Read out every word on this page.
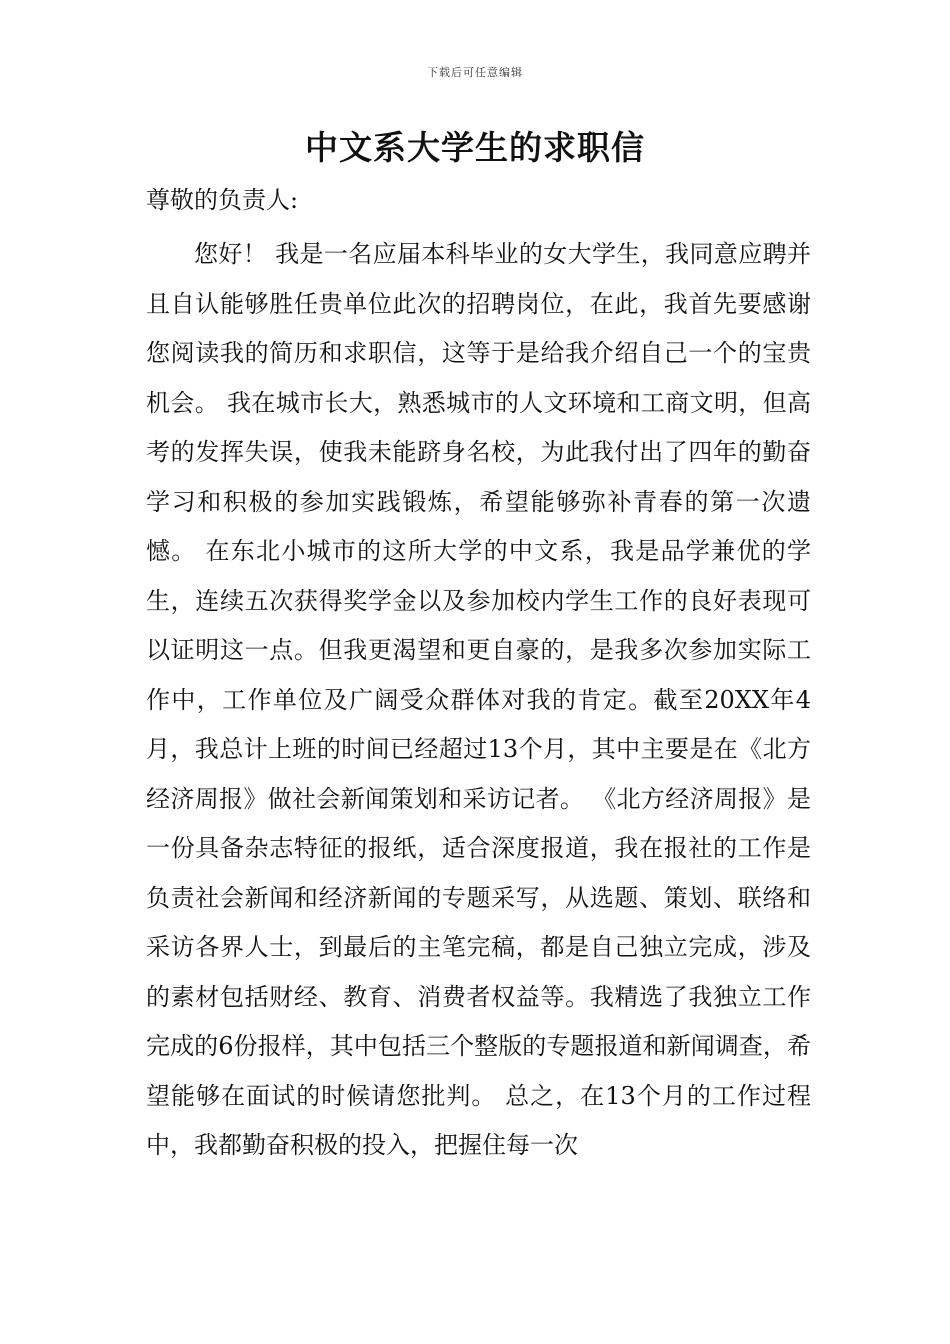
下载后可任意编辑
中文系大学生的求职信

尊敬的负责人:

您好！ 我是一名应届本科毕业的女大学生，我同意应聘并且自认能够胜任贵单位此次的招聘岗位，在此，我首先要感谢您阅读我的简历和求职信，这等于是给我介绍自己一个的宝贵机会。 我在城市长大，熟悉城市的人文环境和工商文明，但高考的发挥失误，使我未能跻身名校，为此我付出了四年的勤奋学习和积极的参加实践锻炼，希望能够弥补青春的第一次遗憾。 在东北小城市的这所大学的中文系，我是品学兼优的学生，连续五次获得奖学金以及参加校内学生工作的良好表现可以证明这一点。但我更渴望和更自豪的，是我多次参加实际工作中，工作单位及广阔受众群体对我的肯定。截至20XX年4月，我总计上班的时间已经超过13个月，其中主要是在《北方经济周报》做社会新闻策划和采访记者。 《北方经济周报》是一份具备杂志特征的报纸，适合深度报道，我在报社的工作是负责社会新闻和经济新闻的专题采写，从选题、策划、联络和采访各界人士，到最后的主笔完稿，都是自己独立完成，涉及的素材包括财经、教育、消费者权益等。我精选了我独立工作完成的6份报样，其中包括三个整版的专题报道和新闻调查，希望能够在面试的时候请您批判。 总之，在13个月的工作过程中，我都勤奋积极的投入，把握住每一次
